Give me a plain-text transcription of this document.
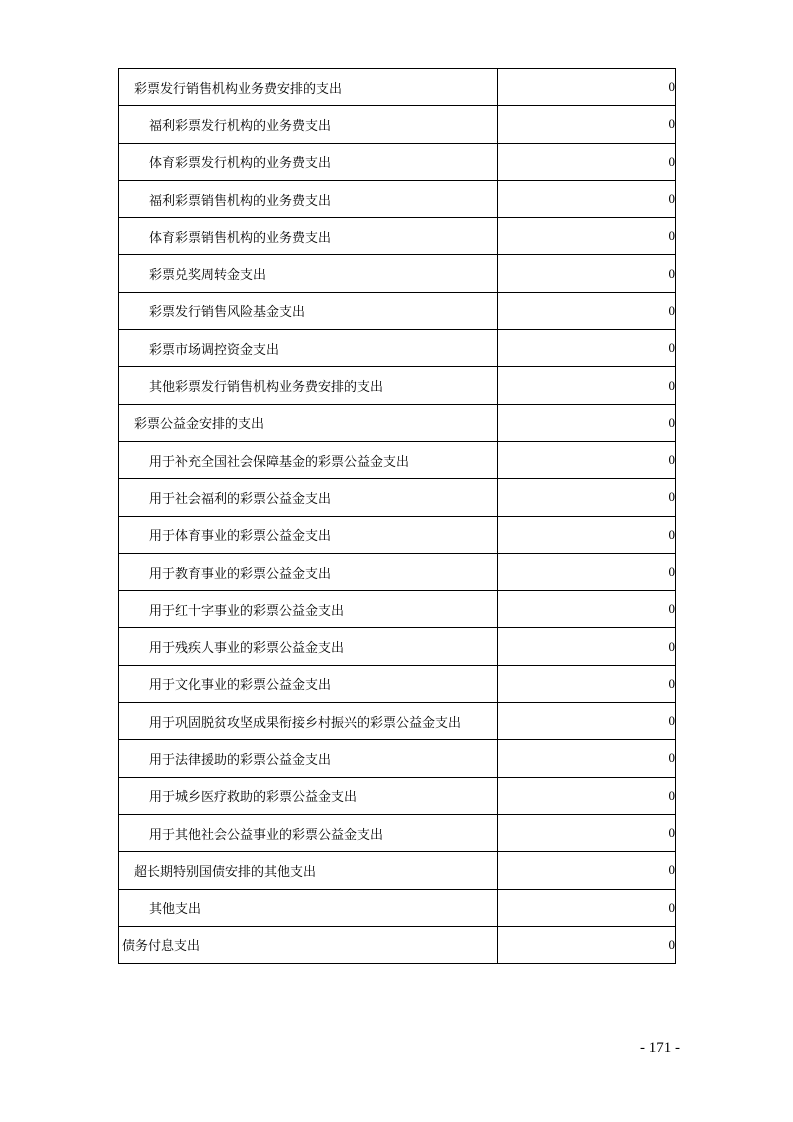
彩票发行销售机构业务费安排的支出	0
福利彩票发行机构的业务费支出	0
体育彩票发行机构的业务费支出	0
福利彩票销售机构的业务费支出	0
体育彩票销售机构的业务费支出	0
彩票兑奖周转金支出	0
彩票发行销售风险基金支出	0
彩票市场调控资金支出	0
其他彩票发行销售机构业务费安排的支出	0
彩票公益金安排的支出	0
用于补充全国社会保障基金的彩票公益金支出	0
用于社会福利的彩票公益金支出	0
用于体育事业的彩票公益金支出	0
用于教育事业的彩票公益金支出	0
用于红十字事业的彩票公益金支出	0
用于残疾人事业的彩票公益金支出	0
用于文化事业的彩票公益金支出	0
用于巩固脱贫攻坚成果衔接乡村振兴的彩票公益金支出	0
用于法律援助的彩票公益金支出	0
用于城乡医疗救助的彩票公益金支出	0
用于其他社会公益事业的彩票公益金支出	0
超长期特别国债安排的其他支出	0
其他支出	0
债务付息支出	0
- 171 -
